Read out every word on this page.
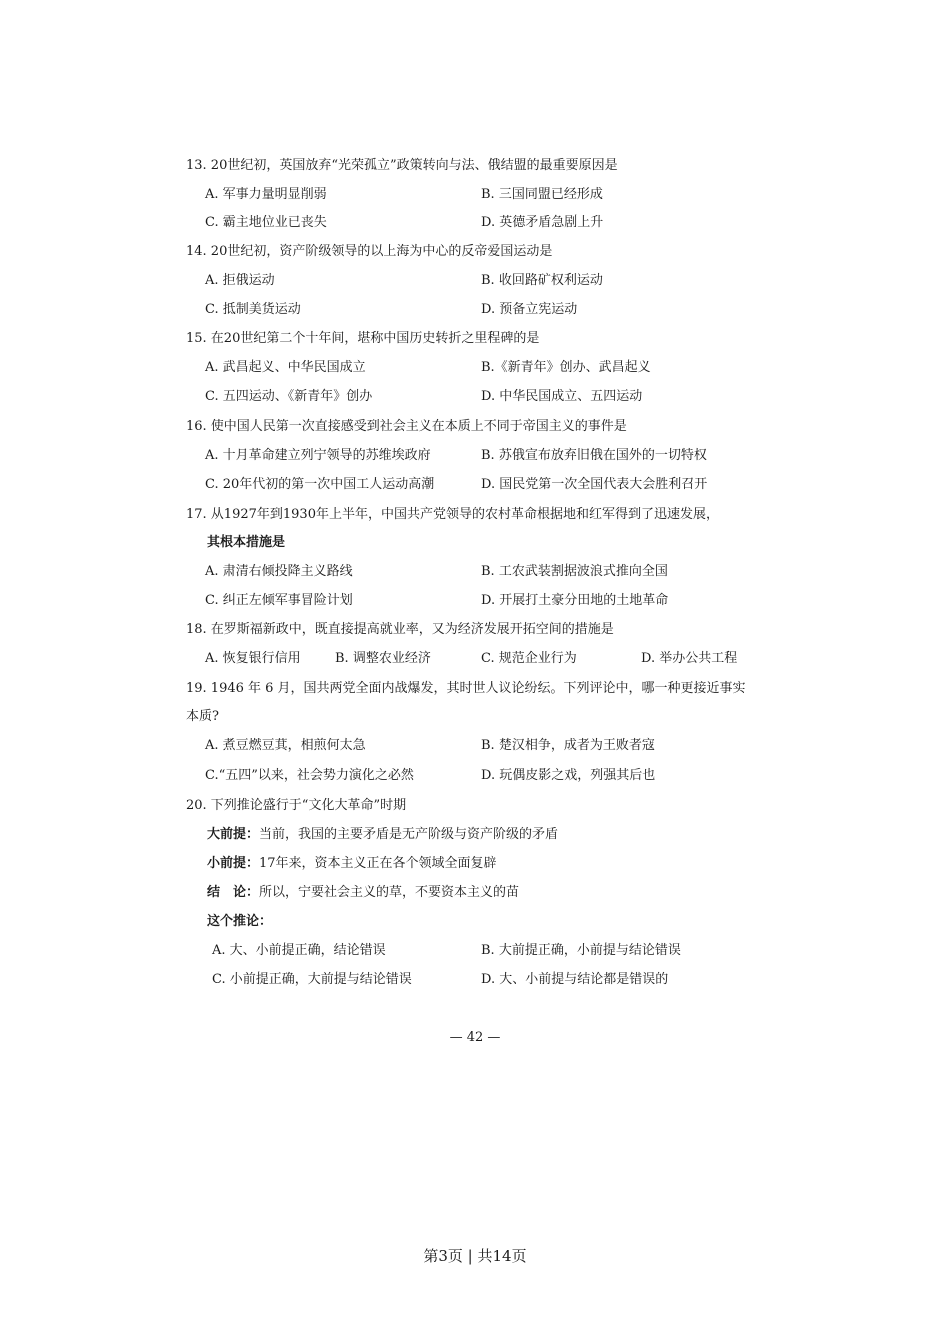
13. 20世纪初，英国放弃“光荣孤立”政策转向与法、俄结盟的最重要原因是
A. 军事力量明显削弱	B. 三国同盟已经形成
C. 霸主地位业已丧失	D. 英德矛盾急剧上升
14. 20世纪初，资产阶级领导的以上海为中心的反帝爱国运动是
A. 拒俄运动	B. 收回路矿权利运动
C. 抵制美货运动	D. 预备立宪运动
15. 在20世纪第二个十年间，堪称中国历史转折之里程碑的是
A. 武昌起义、中华民国成立	B.《新青年》创办、武昌起义
C. 五四运动、《新青年》创办	D. 中华民国成立、五四运动
16. 使中国人民第一次直接感受到社会主义在本质上不同于帝国主义的事件是
A. 十月革命建立列宁领导的苏维埃政府	B. 苏俄宣布放弃旧俄在国外的一切特权
C. 20年代初的第一次中国工人运动高潮	D. 国民党第一次全国代表大会胜利召开
17. 从1927年到1930年上半年，中国共产党领导的农村革命根据地和红军得到了迅速发展，
其根本措施是
A. 肃清右倾投降主义路线	B. 工农武装割据波浪式推向全国
C. 纠正左倾军事冒险计划	D. 开展打土豪分田地的土地革命
18. 在罗斯福新政中，既直接提高就业率，又为经济发展开拓空间的措施是
A. 恢复银行信用	B. 调整农业经济	C. 规范企业行为	D. 举办公共工程
19. 1946 年 6 月，国共两党全面内战爆发，其时世人议论纷纭。下列评论中，哪一种更接近事实
本质?
A. 煮豆燃豆萁，相煎何太急	B. 楚汉相争，成者为王败者寇
C.“五四”以来，社会势力演化之必然	D. 玩偶皮影之戏，列强其后也
20. 下列推论盛行于“文化大革命”时期
大前提：当前，我国的主要矛盾是无产阶级与资产阶级的矛盾
小前提：17年来，资本主义正在各个领域全面复辟
结　论：所以，宁要社会主义的草，不要资本主义的苗
这个推论：
A. 大、小前提正确，结论错误	B. 大前提正确，小前提与结论错误
C. 小前提正确，大前提与结论错误	D. 大、小前提与结论都是错误的
— 42 —
第3页 | 共14页
